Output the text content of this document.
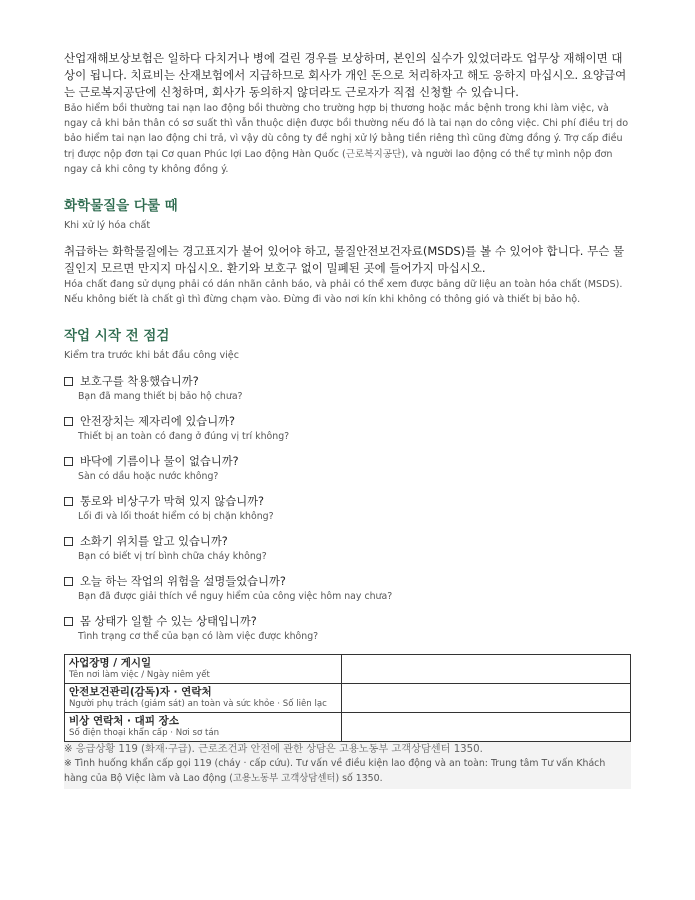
산업재해보상보험은 일하다 다치거나 병에 걸린 경우를 보상하며, 본인의 실수가 있었더라도 업무상 재해이면 대상이 됩니다. 치료비는 산재보험에서 지급하므로 회사가 개인 돈으로 처리하자고 해도 응하지 마십시오. 요양급여는 근로복지공단에 신청하며, 회사가 동의하지 않더라도 근로자가 직접 신청할 수 있습니다.

Bảo hiểm bồi thường tai nạn lao động bồi thường cho trường hợp bị thương hoặc mắc bệnh trong khi làm việc, và ngay cả khi bản thân có sơ suất thì vẫn thuộc diện được bồi thường nếu đó là tai nạn do công việc. Chi phí điều trị do bảo hiểm tai nạn lao động chi trả, vì vậy dù công ty đề nghị xử lý bằng tiền riêng thì cũng đừng đồng ý. Trợ cấp điều trị được nộp đơn tại Cơ quan Phúc lợi Lao động Hàn Quốc (근로복지공단), và người lao động có thể tự mình nộp đơn ngay cả khi công ty không đồng ý.

화학물질을 다룰 때

Khi xử lý hóa chất

취급하는 화학물질에는 경고표지가 붙어 있어야 하고, 물질안전보건자료(MSDS)를 볼 수 있어야 합니다. 무슨 물질인지 모르면 만지지 마십시오. 환기와 보호구 없이 밀폐된 곳에 들어가지 마십시오.

Hóa chất đang sử dụng phải có dán nhãn cảnh báo, và phải có thể xem được bảng dữ liệu an toàn hóa chất (MSDS). Nếu không biết là chất gì thì đừng chạm vào. Đừng đi vào nơi kín khi không có thông gió và thiết bị bảo hộ.

작업 시작 전 점검

Kiểm tra trước khi bắt đầu công việc

보호구를 착용했습니까?

Bạn đã mang thiết bị bảo hộ chưa?

안전장치는 제자리에 있습니까?

Thiết bị an toàn có đang ở đúng vị trí không?

바닥에 기름이나 물이 없습니까?

Sàn có dầu hoặc nước không?

통로와 비상구가 막혀 있지 않습니까?

Lối đi và lối thoát hiểm có bị chặn không?

소화기 위치를 알고 있습니까?

Bạn có biết vị trí bình chữa cháy không?

오늘 하는 작업의 위험을 설명들었습니까?

Bạn đã được giải thích về nguy hiểm của công việc hôm nay chưa?

몸 상태가 일할 수 있는 상태입니까?

Tình trạng cơ thể của bạn có làm việc được không?

사업장명 / 게시일
Tên nơi làm việc / Ngày niêm yết	

안전보건관리(감독)자 · 연락처
Người phụ trách (giám sát) an toàn và sức khỏe · Số liên lạc	

비상 연락처 · 대피 장소
Số điện thoại khẩn cấp · Nơi sơ tán	

※ 응급상황 119 (화재·구급). 근로조건과 안전에 관한 상담은 고용노동부 고객상담센터 1350.

※ Tình huống khẩn cấp gọi 119 (cháy · cấp cứu). Tư vấn về điều kiện lao động và an toàn: Trung tâm Tư vấn Khách hàng của Bộ Việc làm và Lao động (고용노동부 고객상담센터) số 1350.
